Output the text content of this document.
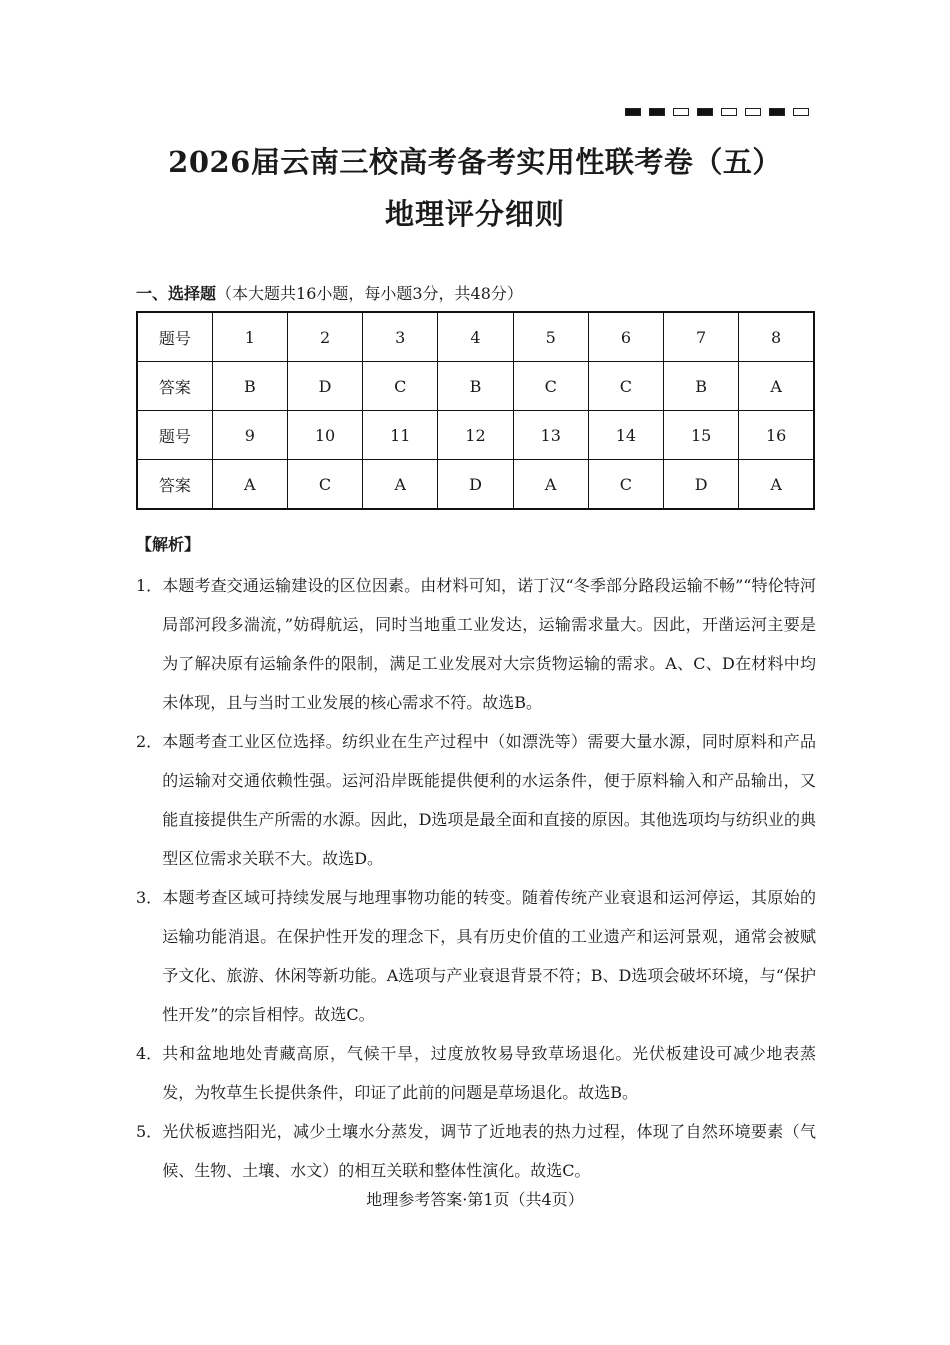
2026届云南三校高考备考实用性联考卷（五）
地理评分细则
一、选择题（本大题共16小题，每小题3分，共48分）
题号	1	2	3	4	5	6	7	8
答案	B	D	C	B	C	C	B	A
题号	9	10	11	12	13	14	15	16
答案	A	C	A	D	A	C	D	A
【解析】
1． 本题考查交通运输建设的区位因素。由材料可知，诺丁汉“冬季部分路段运输不畅”“特伦特河局部河段多湍流，”妨碍航运，同时当地重工业发达，运输需求量大。因此，开凿运河主要是为了解决原有运输条件的限制，满足工业发展对大宗货物运输的需求。A、C、D在材料中均未体现，且与当时工业发展的核心需求不符。故选B。
2． 本题考查工业区位选择。纺织业在生产过程中（如漂洗等）需要大量水源，同时原料和产品的运输对交通依赖性强。运河沿岸既能提供便利的水运条件，便于原料输入和产品输出，又能直接提供生产所需的水源。因此，D选项是最全面和直接的原因。其他选项均与纺织业的典型区位需求关联不大。故选D。
3． 本题考查区域可持续发展与地理事物功能的转变。随着传统产业衰退和运河停运，其原始的运输功能消退。在保护性开发的理念下，具有历史价值的工业遗产和运河景观，通常会被赋予文化、旅游、休闲等新功能。A选项与产业衰退背景不符；B、D选项会破坏环境，与“保护性开发”的宗旨相悖。故选C。
4． 共和盆地地处青藏高原，气候干旱，过度放牧易导致草场退化。光伏板建设可减少地表蒸发，为牧草生长提供条件，印证了此前的问题是草场退化。故选B。
5． 光伏板遮挡阳光，减少土壤水分蒸发，调节了近地表的热力过程，体现了自然环境要素（气候、生物、土壤、水文）的相互关联和整体性演化。故选C。
地理参考答案·第1页（共4页）
